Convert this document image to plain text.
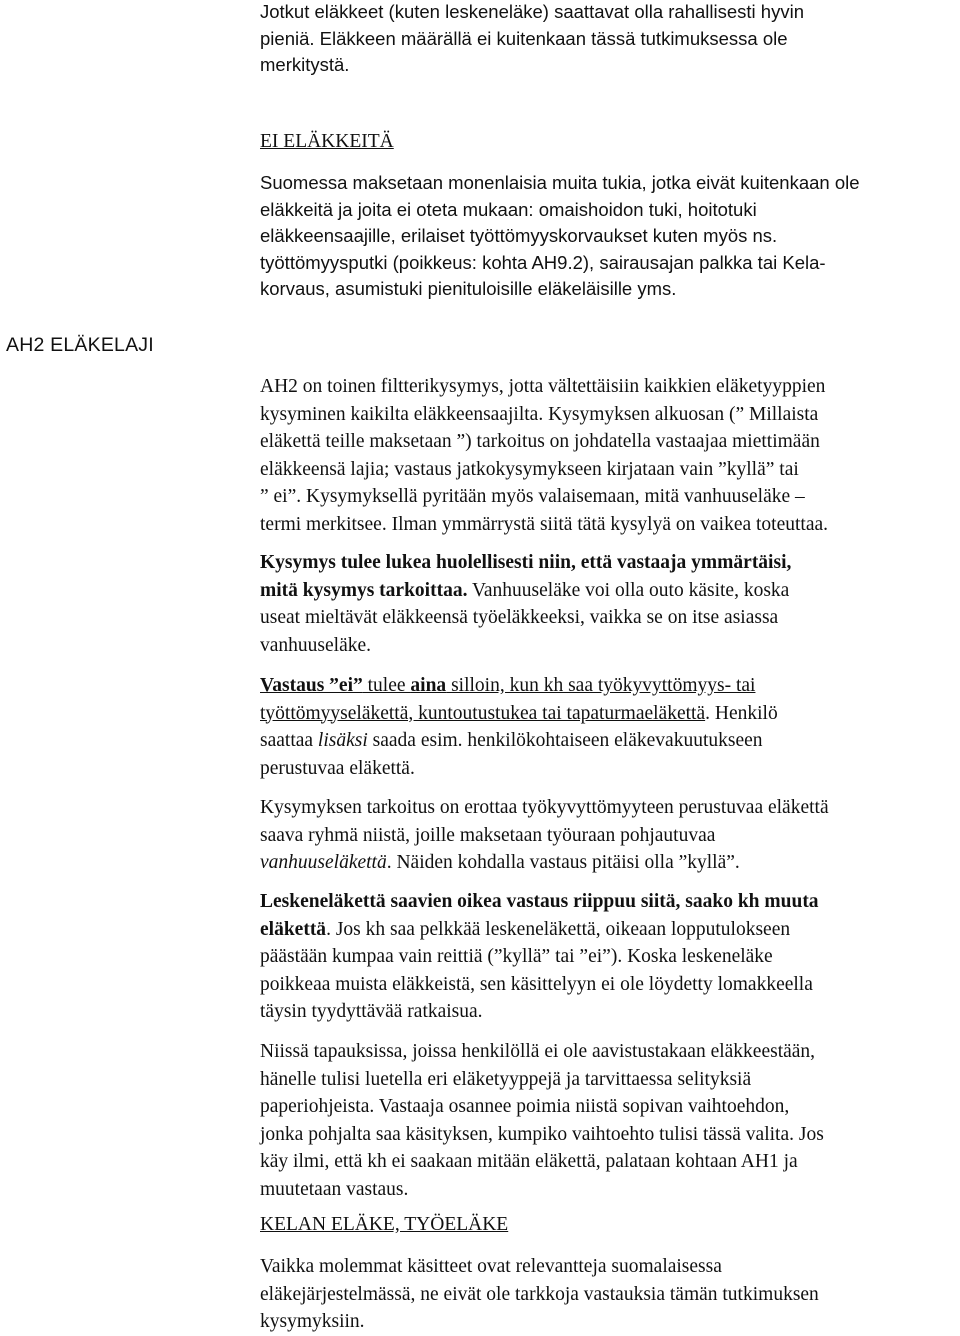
AH2 ELÄKELAJI

Jotkut eläkkeet (kuten leskeneläke) saattavat olla rahallisesti hyvin

pieniä. Eläkkeen määrällä ei kuitenkaan tässä tutkimuksessa ole

merkitystä.

EI ELÄKKEITÄ

Suomessa maksetaan monenlaisia muita tukia, jotka eivät kuitenkaan ole

eläkkeitä ja joita ei oteta mukaan: omaishoidon tuki, hoitotuki

eläkkeensaajille, erilaiset työttömyyskorvaukset kuten myös ns.

työttömyysputki (poikkeus: kohta AH9.2), sairausajan palkka tai Kela-

korvaus, asumistuki pienituloisille eläkeläisille yms.

AH2 on toinen filtterikysymys, jotta vältettäisiin kaikkien eläketyyppien

kysyminen kaikilta eläkkeensaajilta. Kysymyksen alkuosan (” Millaista

eläkettä teille maksetaan ”) tarkoitus on johdatella vastaajaa miettimään

eläkkeensä lajia; vastaus jatkokysymykseen kirjataan vain ”kyllä” tai

” ei”. Kysymyksellä pyritään myös valaisemaan, mitä vanhuuseläke –

termi merkitsee. Ilman ymmärrystä siitä tätä kysylyä on vaikea toteuttaa.

Kysymys tulee lukea huolellisesti niin, että vastaaja ymmärtäisi,

mitä kysymys tarkoittaa. Vanhuuseläke voi olla outo käsite, koska

useat mieltävät eläkkeensä työeläkkeeksi, vaikka se on itse asiassa

vanhuuseläke.

Vastaus ”ei” tulee aina silloin, kun kh saa työkyvyttömyys- tai

työttömyyseläkettä, kuntoutustukea tai tapaturmaeläkettä. Henkilö

saattaa lisäksi saada esim. henkilökohtaiseen eläkevakuutukseen

perustuvaa eläkettä.

Kysymyksen tarkoitus on erottaa työkyvyttömyyteen perustuvaa eläkettä

saava ryhmä niistä, joille maksetaan työuraan pohjautuvaa

vanhuuseläkettä. Näiden kohdalla vastaus pitäisi olla ”kyllä”.

Leskeneläkettä saavien oikea vastaus riippuu siitä, saako kh muuta

eläkettä. Jos kh saa pelkkää leskeneläkettä, oikeaan lopputulokseen

päästään kumpaa vain reittiä (”kyllä” tai ”ei”). Koska leskeneläke

poikkeaa muista eläkkeistä, sen käsittelyyn ei ole löydetty lomakkeella

täysin tyydyttävää ratkaisua.

Niissä tapauksissa, joissa henkilöllä ei ole aavistustakaan eläkkeestään,

hänelle tulisi luetella eri eläketyyppejä ja tarvittaessa selityksiä

paperiohjeista. Vastaaja osannee poimia niistä sopivan vaihtoehdon,

jonka pohjalta saa käsityksen, kumpiko vaihtoehto tulisi tässä valita. Jos

käy ilmi, että kh ei saakaan mitään eläkettä, palataan kohtaan AH1 ja

muutetaan vastaus.

KELAN ELÄKE, TYÖELÄKE

Vaikka molemmat käsitteet ovat relevantteja suomalaisessa

eläkejärjestelmässä, ne eivät ole tarkkoja vastauksia tämän tutkimuksen

kysymyksiin.
